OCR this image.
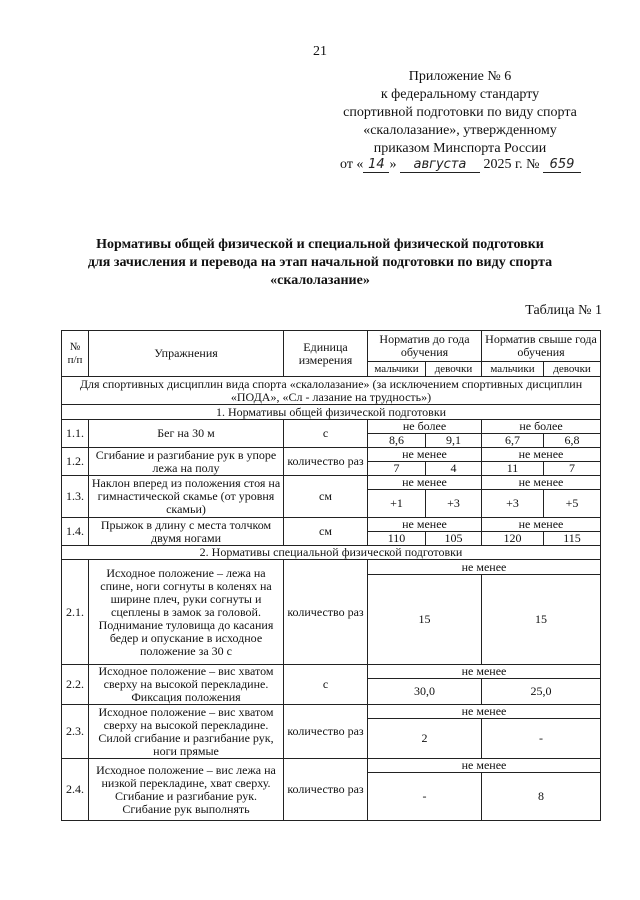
21
Приложение № 6
к федеральному стандарту
спортивной подготовки по виду спорта
«скалолазание», утвержденному
приказом Минспорта России
от « 14 » августа 2025 г. № 659
Нормативы общей физической и специальной физической подготовки
для зачисления и перевода на этап начальной подготовки по виду спорта
«скалолазание»
Таблица № 1
№ п/п	Упражнения	Единица измерения	Норматив до года обучения		Норматив свыше года обучения	
			мальчики	девочки	мальчики	девочки
Для спортивных дисциплин вида спорта «скалолазание» (за исключением спортивных дисциплин «ПОДА», «Сл - лазание на трудность»)						
1. Нормативы общей физической подготовки						
1.1.	Бег на 30 м	с	не более		не более	
			8,6	9,1	6,7	6,8
1.2.	Сгибание и разгибание рук в упоре лежа на полу	количество раз	не менее		не менее	
			7	4	11	7
1.3.	Наклон вперед из положения стоя на гимнастической скамье (от уровня скамьи)	см	не менее		не менее	
			+1	+3	+3	+5
1.4.	Прыжок в длину с места толчком двумя ногами	см	не менее		не менее	
			110	105	120	115
2. Нормативы специальной физической подготовки						
2.1.	Исходное положение – лежа на спине, ноги согнуты в коленях на ширине плеч, руки согнуты и сцеплены в замок за головой. Поднимание туловища до касания бедер и опускание в исходное положение за 30 с	количество раз	не менее			
			15		15	
2.2.	Исходное положение – вис хватом сверху на высокой перекладине. Фиксация положения	с	не менее			
			30,0		25,0	
2.3.	Исходное положение – вис хватом сверху на высокой перекладине. Силой сгибание и разгибание рук, ноги прямые	количество раз	не менее			
			2		-	
2.4.	Исходное положение – вис лежа на низкой перекладине, хват сверху. Сгибание и разгибание рук. Сгибание рук выполнять	количество раз	не менее			
			-		8	
